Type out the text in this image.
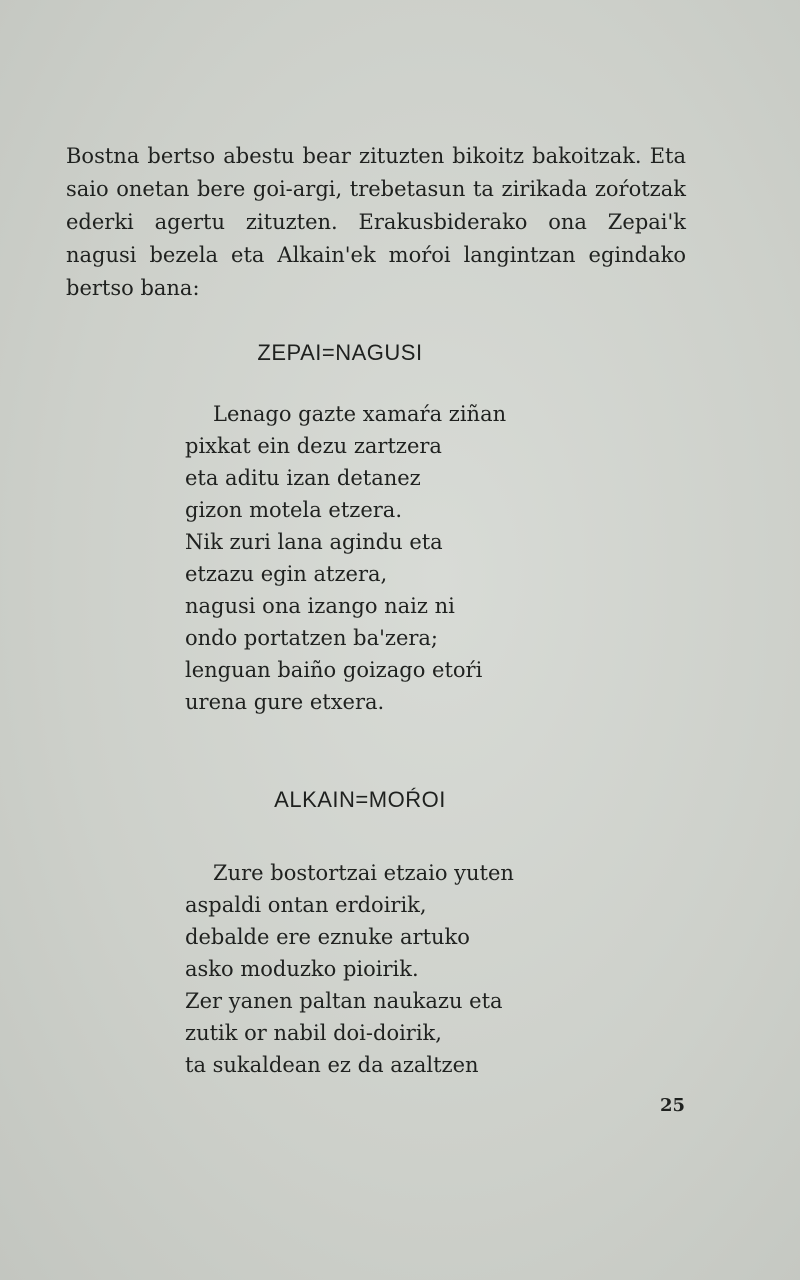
Bostna bertso abestu bear zituzten bikoitz bakoitzak. Eta saio onetan bere goi-argi, trebetasun ta zirikada zoŕotzak ederki agertu zituzten. Erakusbiderako ona Zepai'k nagusi bezela eta Alkain'ek moŕoi langintzan egindako bertso bana:

ZEPAI=NAGUSI
Lenago gazte xamaŕa ziñan
pixkat ein dezu zartzera
eta aditu izan detanez
gizon motela etzera.
Nik zuri lana agindu eta
etzazu egin atzera,
nagusi ona izango naiz ni
ondo portatzen ba'zera;
lenguan baiño goizago etoŕi
urena gure etxera.
ALKAIN=MOŔOI
Zure bostortzai etzaio yuten
aspaldi ontan erdoirik,
debalde ere eznuke artuko
asko moduzko pioirik.
Zer yanen paltan naukazu eta
zutik or nabil doi-doirik,
ta sukaldean ez da azaltzen
25
